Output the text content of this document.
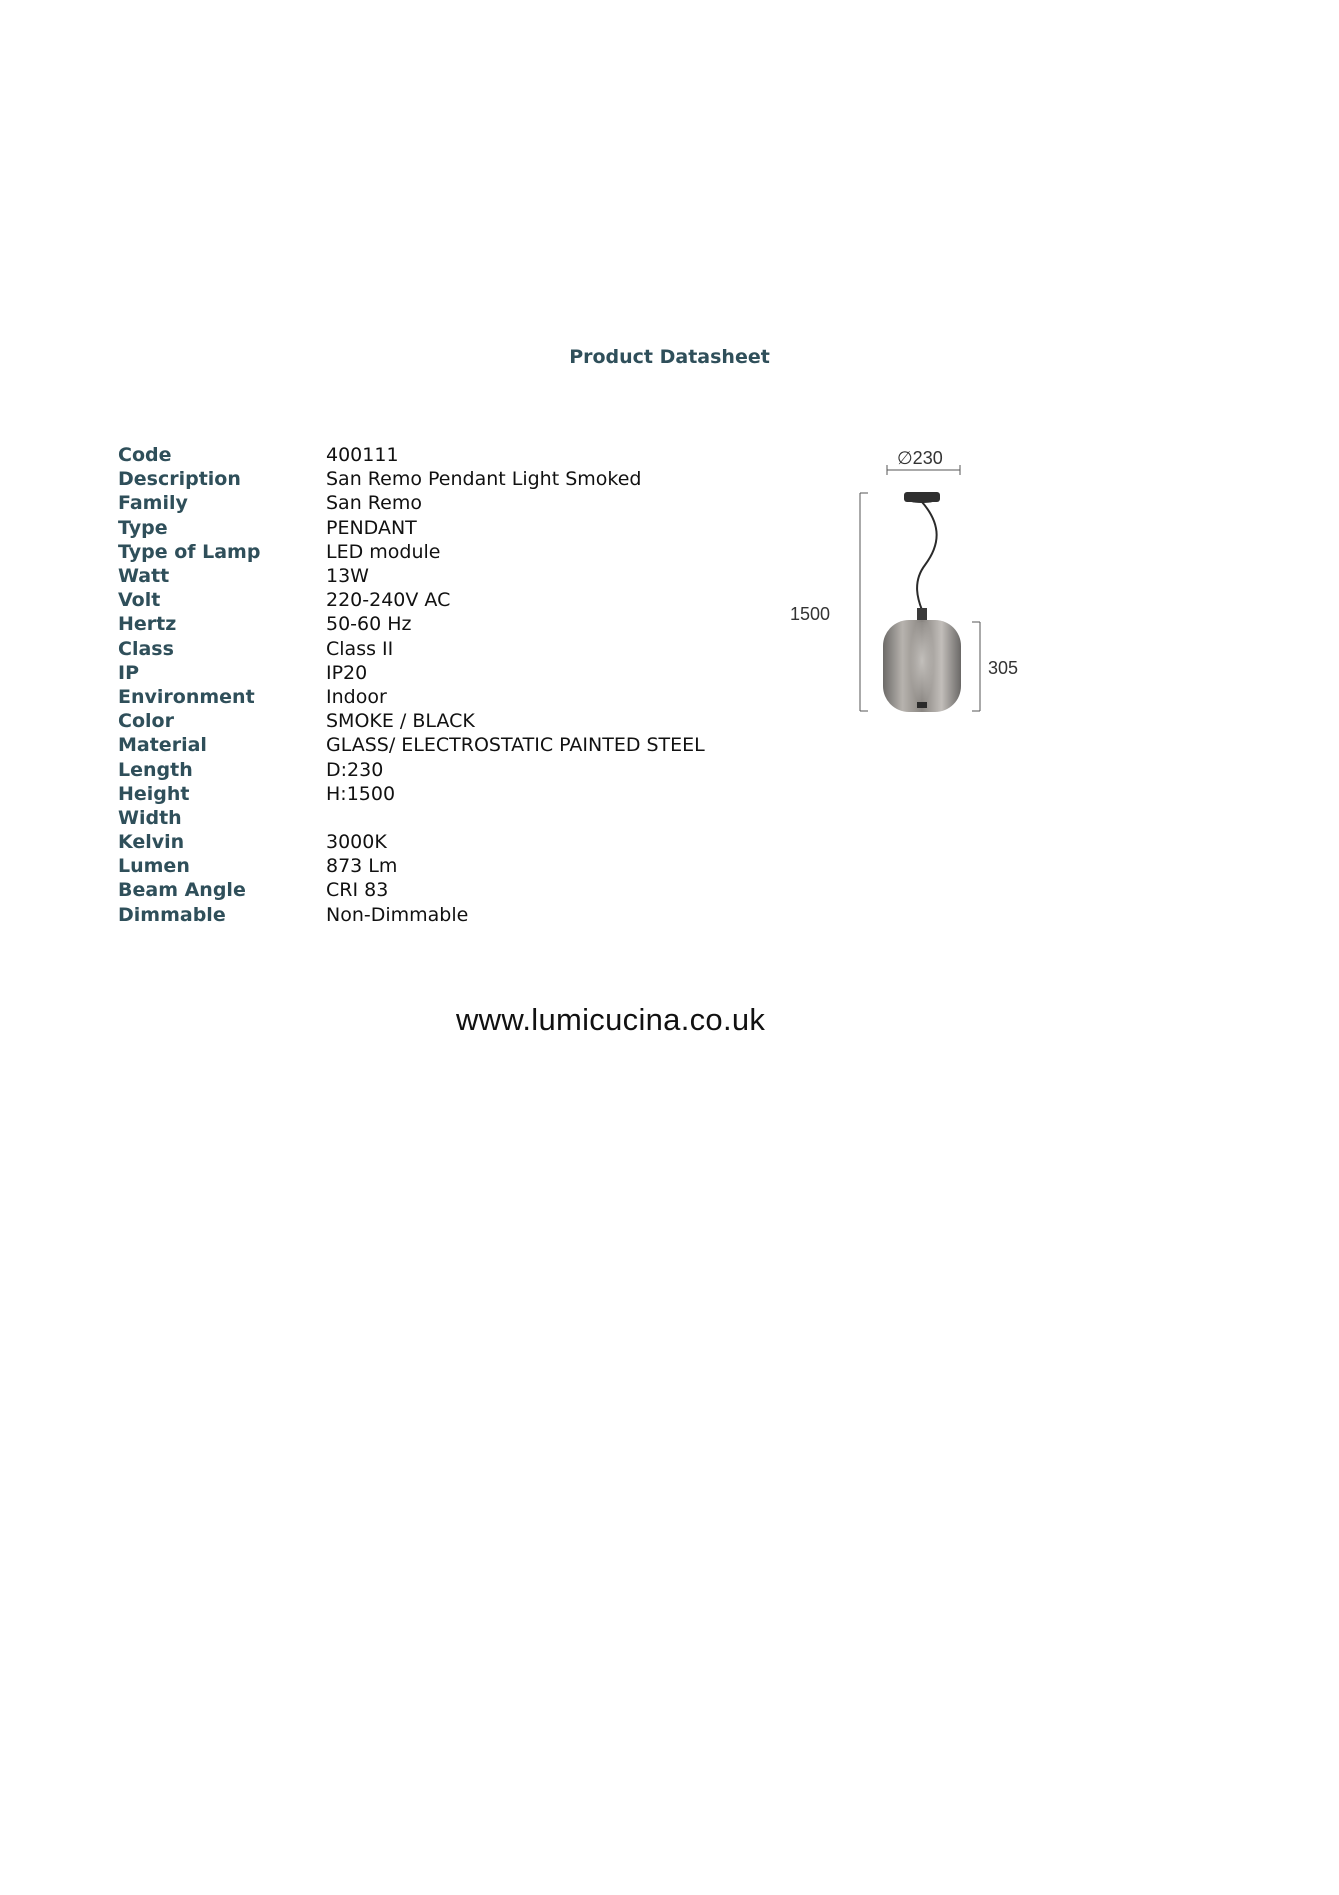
Product Datasheet
Code	400111
Description	San Remo Pendant Light Smoked
Family	San Remo
Type	PENDANT
Type of Lamp	LED module
Watt	13W
Volt	220-240V AC
Hertz	50-60 Hz
Class	Class II
IP	IP20
Environment	Indoor
Color	SMOKE / BLACK
Material	GLASS/ ELECTROSTATIC PAINTED STEEL
Length	D:230
Height	H:1500
Width
Kelvin	3000K
Lumen	873 Lm
Beam Angle	CRI 83
Dimmable	Non-Dimmable
∅230
1500
305
www.lumicucina.co.uk
